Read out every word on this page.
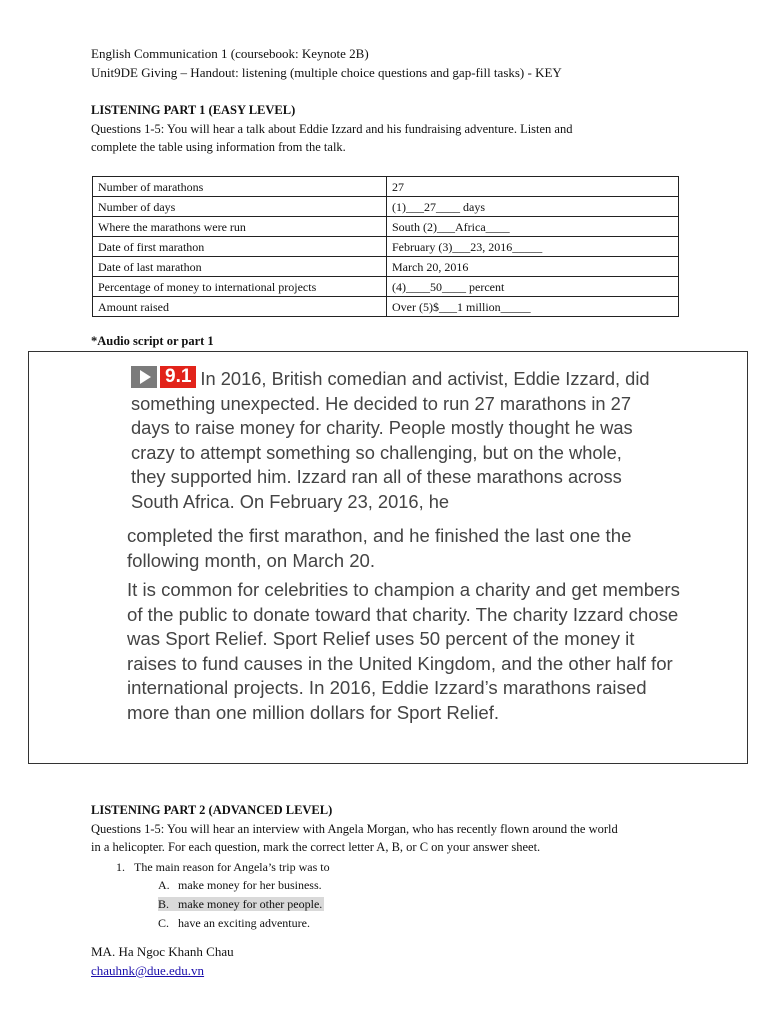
English Communication 1 (coursebook: Keynote 2B)
Unit9DE Giving – Handout: listening (multiple choice questions and gap-fill tasks) - KEY
LISTENING PART 1 (EASY LEVEL)
Questions 1-5: You will hear a talk about Eddie Izzard and his fundraising adventure. Listen and
complete the table using information from the talk.
Number of marathons	27
Number of days	(1)___27____ days
Where the marathons were run	South (2)___Africa____
Date of first marathon	February (3)___23, 2016_____
Date of last marathon	March 20, 2016
Percentage of money to international projects	(4)____50____ percent
Amount raised	Over (5)$___1 million_____
*Audio script or part 1
9.1 In 2016, British comedian and activist, Eddie Izzard, did something unexpected. He decided to run 27 marathons in 27 days to raise money for charity. People mostly thought he was crazy to attempt something so challenging, but on the whole, they supported him. Izzard ran all of these marathons across South Africa. On February 23, 2016, he
completed the first marathon, and he finished the last one the following month, on March 20.
It is common for celebrities to champion a charity and get members of the public to donate toward that charity. The charity Izzard chose was Sport Relief. Sport Relief uses 50 percent of the money it raises to fund causes in the United Kingdom, and the other half for international projects. In 2016, Eddie Izzard’s marathons raised more than one million dollars for Sport Relief.
LISTENING PART 2 (ADVANCED LEVEL)
Questions 1-5: You will hear an interview with Angela Morgan, who has recently flown around the world
in a helicopter. For each question, mark the correct letter A, B, or C on your answer sheet.
1. The main reason for Angela’s trip was to
A. make money for her business.
B. make money for other people.
C. have an exciting adventure.
MA. Ha Ngoc Khanh Chau
chauhnk@due.edu.vn
